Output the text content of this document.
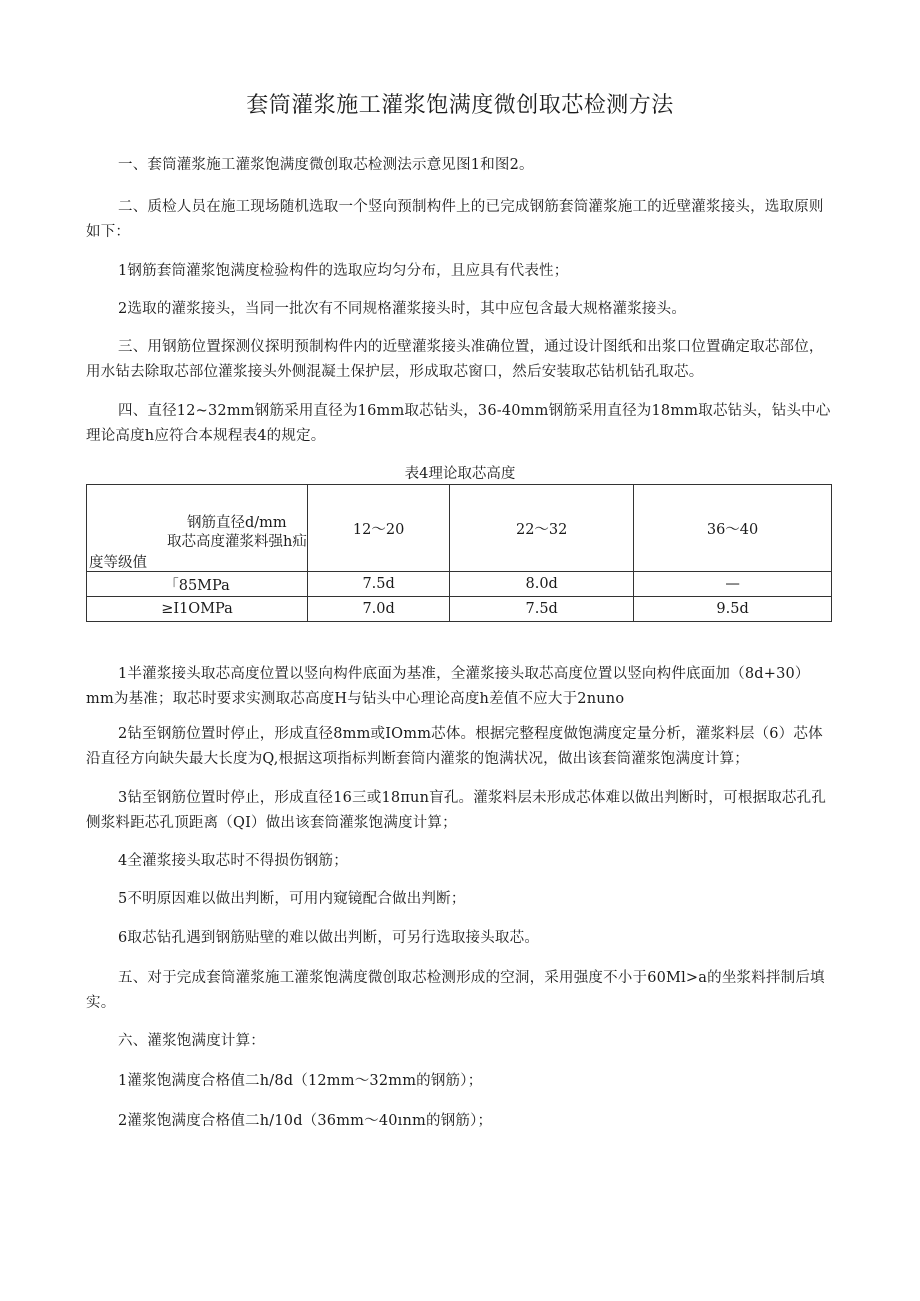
套筒灌浆施工灌浆饱满度微创取芯检测方法

一、套筒灌浆施工灌浆饱满度微创取芯检测法示意见图1和图2。

二、质检人员在施工现场随机选取一个竖向预制构件上的已完成钢筋套筒灌浆施工的近壁灌浆接头，选取原则如下：

1钢筋套筒灌浆饱满度检验构件的选取应均匀分布，且应具有代表性；

2选取的灌浆接头，当同一批次有不同规格灌浆接头时，其中应包含最大规格灌浆接头。

三、用钢筋位置探测仪探明预制构件内的近壁灌浆接头准确位置，通过设计图纸和出浆口位置确定取芯部位，用水钻去除取芯部位灌浆接头外侧混凝土保护层，形成取芯窗口，然后安装取芯钻机钻孔取芯。

四、直径12~32mm钢筋采用直径为16mm取芯钻头，36-40mm钢筋采用直径为18mm取芯钻头，钻头中心理论高度h应符合本规程表4的规定。

表4理论取芯高度
钢筋直径d/mm
取芯高度灌浆料强h疝
度等级值	12～20	22～32	36～40
「85MPa	7.5d	8.0d	—
≥I1OMPa	7.0d	7.5d	9.5d

1半灌浆接头取芯高度位置以竖向构件底面为基准，全灌浆接头取芯高度位置以竖向构件底面加（8d+30）mm为基准；取芯时要求实测取芯高度H与钻头中心理论高度h差值不应大于2nuno

2钻至钢筋位置时停止，形成直径8mm或IOmm芯体。根据完整程度做饱满度定量分析，灌浆料层（6）芯体沿直径方向缺失最大长度为Q,根据这项指标判断套筒内灌浆的饱满状况，做出该套筒灌浆饱满度计算；

3钻至钢筋位置时停止，形成直径16三或18πun盲孔。灌浆料层未形成芯体难以做出判断时，可根据取芯孔孔侧浆料距芯孔顶距离（QI）做出该套筒灌浆饱满度计算；

4全灌浆接头取芯时不得损伤钢筋；

5不明原因难以做出判断，可用内窥镜配合做出判断；

6取芯钻孔遇到钢筋贴壁的难以做出判断，可另行选取接头取芯。

五、对于完成套筒灌浆施工灌浆饱满度微创取芯检测形成的空洞，采用强度不小于60Ml>a的坐浆料拌制后填实。

六、灌浆饱满度计算：

1灌浆饱满度合格值二h/8d（12mm～32mm的钢筋）；

2灌浆饱满度合格值二h/10d（36mm～40ınm的钢筋）；
